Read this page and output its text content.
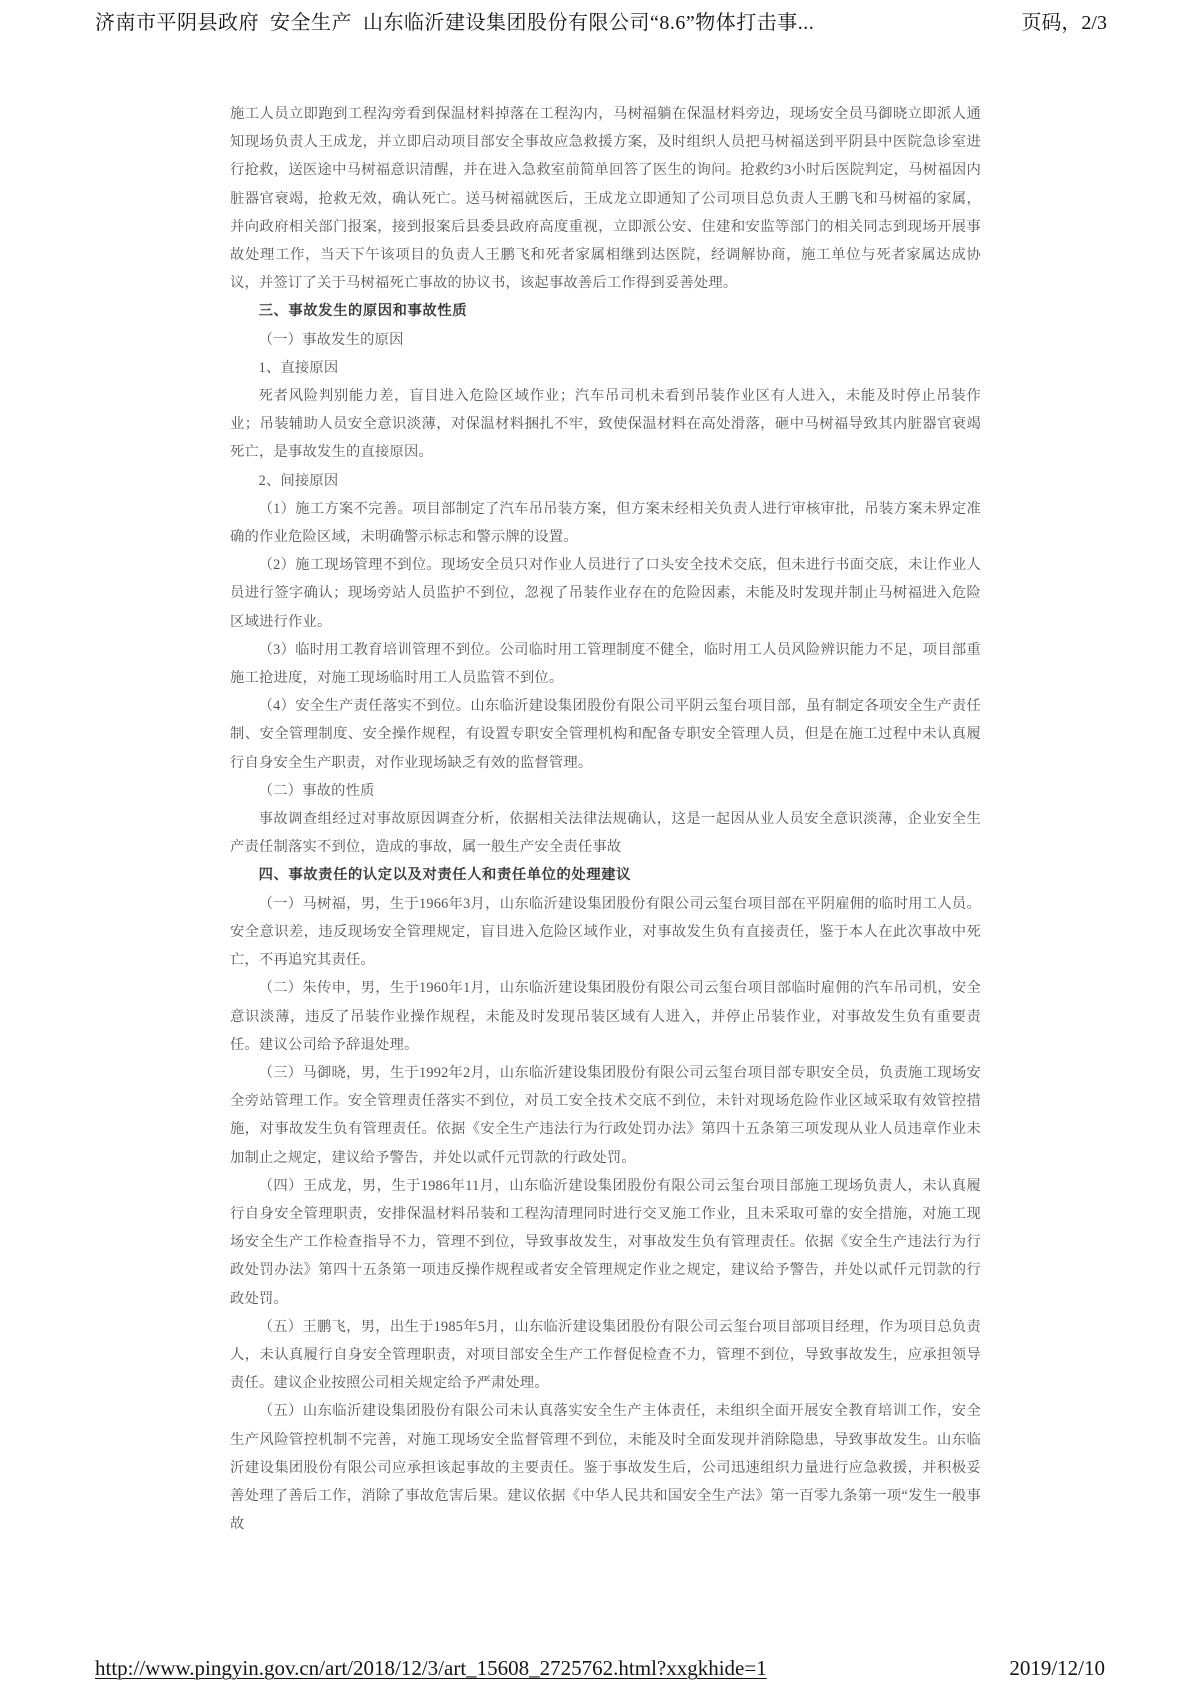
济南市平阴县政府  安全生产  山东临沂建设集团股份有限公司“8.6”物体打击事...	页码，2/3

施工人员立即跑到工程沟旁看到保温材料掉落在工程沟内，马树福躺在保温材料旁边，现场安全员马御晓立即派人通知现场负责人王成龙，并立即启动项目部安全事故应急救援方案，及时组织人员把马树福送到平阴县中医院急诊室进行抢救，送医途中马树福意识清醒，并在进入急救室前简单回答了医生的询问。抢救约3小时后医院判定，马树福因内脏器官衰竭，抢救无效，确认死亡。送马树福就医后，王成龙立即通知了公司项目总负责人王鹏飞和马树福的家属，并向政府相关部门报案，接到报案后县委县政府高度重视，立即派公安、住建和安监等部门的相关同志到现场开展事故处理工作，当天下午该项目的负责人王鹏飞和死者家属相继到达医院，经调解协商，施工单位与死者家属达成协议，并签订了关于马树福死亡事故的协议书，该起事故善后工作得到妥善处理。

三、事故发生的原因和事故性质

（一）事故发生的原因

1、直接原因

死者风险判别能力差，盲目进入危险区域作业；汽车吊司机未看到吊装作业区有人进入，未能及时停止吊装作业；吊装辅助人员安全意识淡薄，对保温材料捆扎不牢，致使保温材料在高处滑落，砸中马树福导致其内脏器官衰竭死亡，是事故发生的直接原因。

2、间接原因

（1）施工方案不完善。项目部制定了汽车吊吊装方案，但方案未经相关负责人进行审核审批，吊装方案未界定准确的作业危险区域，未明确警示标志和警示牌的设置。

（2）施工现场管理不到位。现场安全员只对作业人员进行了口头安全技术交底，但未进行书面交底，未让作业人员进行签字确认；现场旁站人员监护不到位，忽视了吊装作业存在的危险因素，未能及时发现并制止马树福进入危险区域进行作业。

（3）临时用工教育培训管理不到位。公司临时用工管理制度不健全，临时用工人员风险辨识能力不足，项目部重施工抢进度，对施工现场临时用工人员监管不到位。

（4）安全生产责任落实不到位。山东临沂建设集团股份有限公司平阴云玺台项目部，虽有制定各项安全生产责任制、安全管理制度、安全操作规程，有设置专职安全管理机构和配备专职安全管理人员，但是在施工过程中未认真履行自身安全生产职责，对作业现场缺乏有效的监督管理。

（二）事故的性质

事故调查组经过对事故原因调查分析，依据相关法律法规确认，这是一起因从业人员安全意识淡薄，企业安全生产责任制落实不到位，造成的事故，属一般生产安全责任事故

四、事故责任的认定以及对责任人和责任单位的处理建议

（一）马树福，男，生于1966年3月，山东临沂建设集团股份有限公司云玺台项目部在平阴雇佣的临时用工人员。安全意识差，违反现场安全管理规定，盲目进入危险区域作业，对事故发生负有直接责任，鉴于本人在此次事故中死亡，不再追究其责任。

（二）朱传申，男，生于1960年1月，山东临沂建设集团股份有限公司云玺台项目部临时雇佣的汽车吊司机，安全意识淡薄，违反了吊装作业操作规程，未能及时发现吊装区域有人进入，并停止吊装作业，对事故发生负有重要责任。建议公司给予辞退处理。

（三）马御晓，男，生于1992年2月，山东临沂建设集团股份有限公司云玺台项目部专职安全员，负责施工现场安全旁站管理工作。安全管理责任落实不到位，对员工安全技术交底不到位，未针对现场危险作业区域采取有效管控措施，对事故发生负有管理责任。依据《安全生产违法行为行政处罚办法》第四十五条第三项发现从业人员违章作业未加制止之规定，建议给予警告，并处以贰仟元罚款的行政处罚。

（四）王成龙，男，生于1986年11月，山东临沂建设集团股份有限公司云玺台项目部施工现场负责人，未认真履行自身安全管理职责，安排保温材料吊装和工程沟清理同时进行交叉施工作业，且未采取可靠的安全措施，对施工现场安全生产工作检查指导不力，管理不到位，导致事故发生，对事故发生负有管理责任。依据《安全生产违法行为行政处罚办法》第四十五条第一项违反操作规程或者安全管理规定作业之规定，建议给予警告，并处以贰仟元罚款的行政处罚。

（五）王鹏飞，男，出生于1985年5月，山东临沂建设集团股份有限公司云玺台项目部项目经理，作为项目总负责人，未认真履行自身安全管理职责，对项目部安全生产工作督促检查不力，管理不到位，导致事故发生，应承担领导责任。建议企业按照公司相关规定给予严肃处理。

（五）山东临沂建设集团股份有限公司未认真落实安全生产主体责任，未组织全面开展安全教育培训工作，安全生产风险管控机制不完善，对施工现场安全监督管理不到位，未能及时全面发现并消除隐患，导致事故发生。山东临沂建设集团股份有限公司应承担该起事故的主要责任。鉴于事故发生后，公司迅速组织力量进行应急救援，并积极妥善处理了善后工作，消除了事故危害后果。建议依据《中华人民共和国安全生产法》第一百零九条第一项“发生一般事故

http://www.pingyin.gov.cn/art/2018/12/3/art_15608_2725762.html?xxgkhide=1	2019/12/10
